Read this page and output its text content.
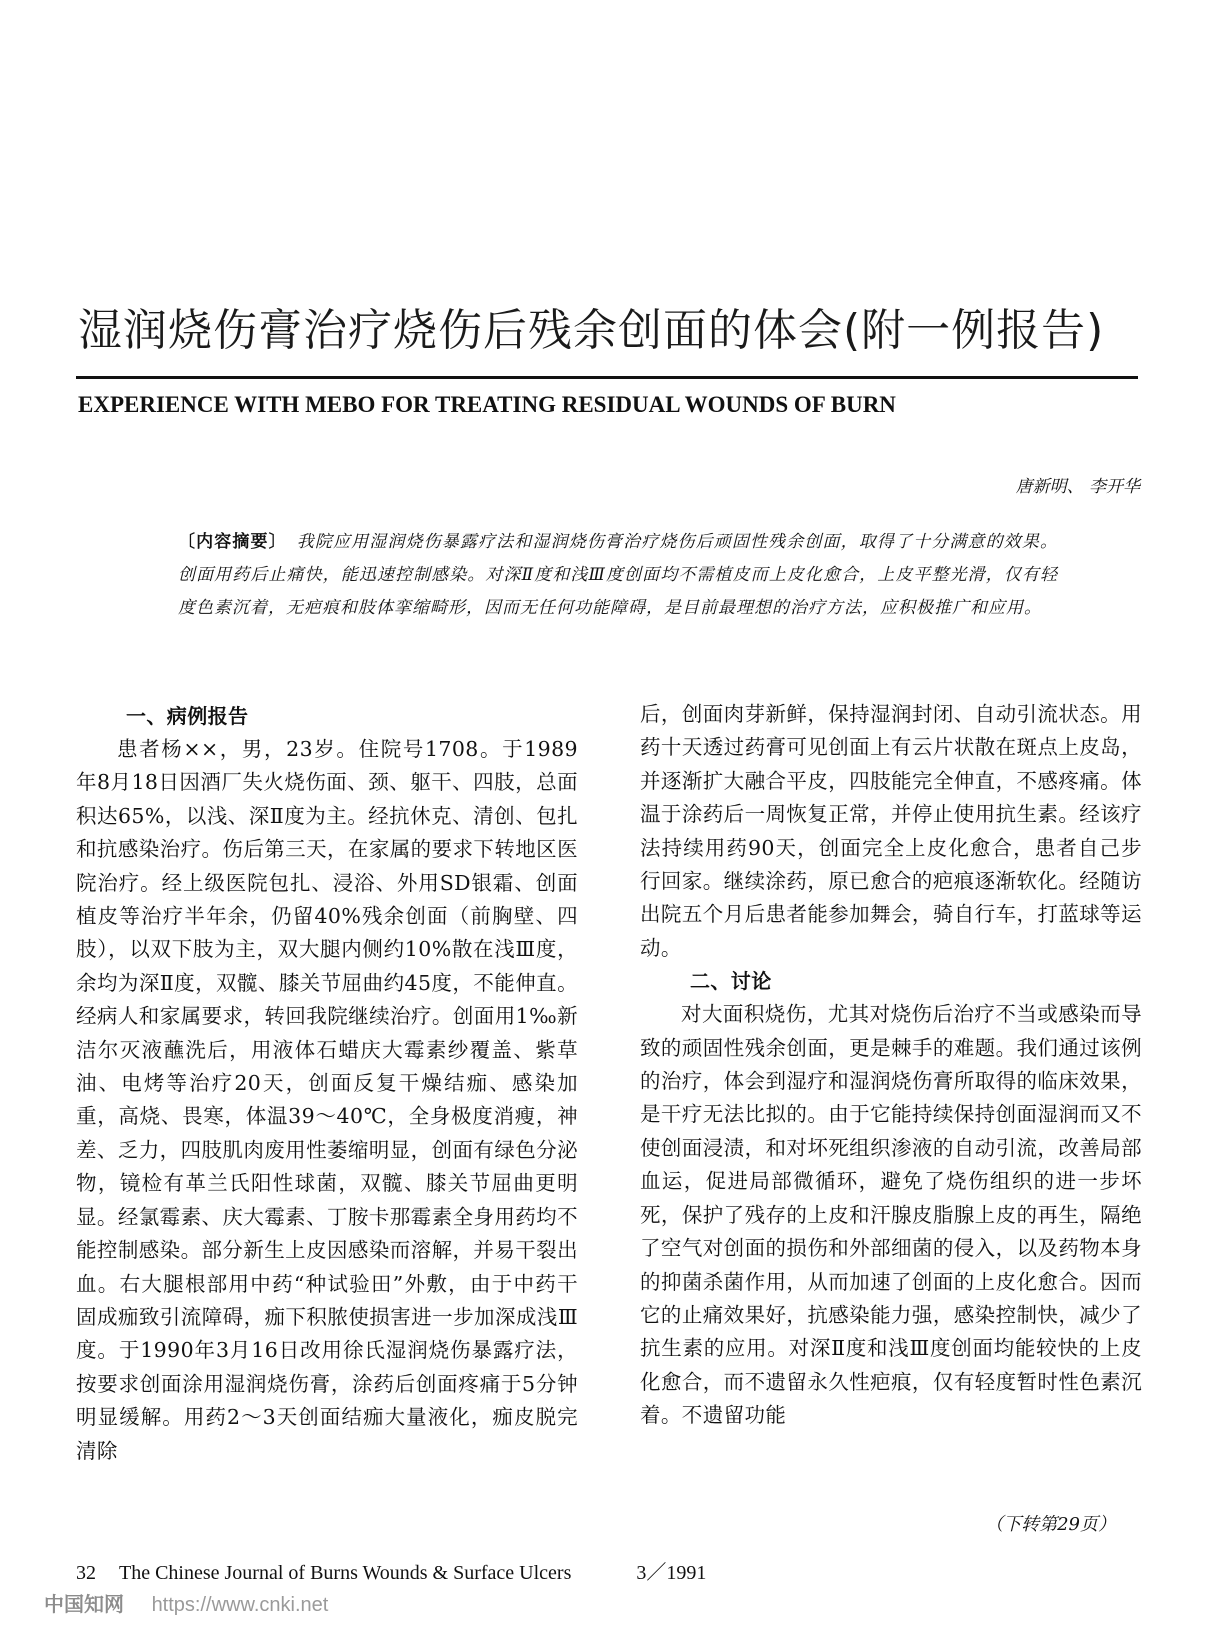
湿润烧伤膏治疗烧伤后残余创面的体会(附一例报告)
EXPERIENCE WITH MEBO FOR TREATING RESIDUAL WOUNDS OF BURN
唐新明、 李开华
〔内容摘要〕 我院应用湿润烧伤暴露疗法和湿润烧伤膏治疗烧伤后顽固性残余创面，取得了十分满意的效果。创面用药后止痛快，能迅速控制感染。对深Ⅱ度和浅Ⅲ度创面均不需植皮而上皮化愈合，上皮平整光滑，仅有轻度色素沉着，无疤痕和肢体挛缩畸形，因而无任何功能障碍，是目前最理想的治疗方法，应积极推广和应用。
一、病例报告

患者杨××，男，23岁。住院号1708。于1989年8月18日因酒厂失火烧伤面、颈、躯干、四肢，总面积达65%，以浅、深Ⅱ度为主。经抗休克、清创、包扎和抗感染治疗。伤后第三天，在家属的要求下转地区医院治疗。经上级医院包扎、浸浴、外用SD银霜、创面植皮等治疗半年余，仍留40%残余创面（前胸壁、四肢），以双下肢为主，双大腿内侧约10%散在浅Ⅲ度，余均为深Ⅱ度，双髋、膝关节屈曲约45度，不能伸直。经病人和家属要求，转回我院继续治疗。创面用1‰新洁尔灭液蘸洗后，用液体石蜡庆大霉素纱覆盖、紫草油、电烤等治疗20天，创面反复干燥结痂、感染加重，高烧、畏寒，体温39～40℃，全身极度消瘦，神差、乏力，四肢肌肉废用性萎缩明显，创面有绿色分泌物，镜检有革兰氏阳性球菌，双髋、膝关节屈曲更明显。经氯霉素、庆大霉素、丁胺卡那霉素全身用药均不能控制感染。部分新生上皮因感染而溶解，并易干裂出血。右大腿根部用中药“种试验田”外敷，由于中药干固成痂致引流障碍，痂下积脓使损害进一步加深成浅Ⅲ度。于1990年3月16日改用徐氏湿润烧伤暴露疗法，按要求创面涂用湿润烧伤膏，涂药后创面疼痛于5分钟明显缓解。用药2～3天创面结痂大量液化，痂皮脱完清除

后，创面肉芽新鲜，保持湿润封闭、自动引流状态。用药十天透过药膏可见创面上有云片状散在斑点上皮岛，并逐渐扩大融合平皮，四肢能完全伸直，不感疼痛。体温于涂药后一周恢复正常，并停止使用抗生素。经该疗法持续用药90天，创面完全上皮化愈合，患者自己步行回家。继续涂药，原已愈合的疤痕逐渐软化。经随访出院五个月后患者能参加舞会，骑自行车，打蓝球等运动。

二、讨论

对大面积烧伤，尤其对烧伤后治疗不当或感染而导致的顽固性残余创面，更是棘手的难题。我们通过该例的治疗，体会到湿疗和湿润烧伤膏所取得的临床效果，是干疗无法比拟的。由于它能持续保持创面湿润而又不使创面浸渍，和对坏死组织渗液的自动引流，改善局部血运，促进局部微循环，避免了烧伤组织的进一步坏死，保护了残存的上皮和汗腺皮脂腺上皮的再生，隔绝了空气对创面的损伤和外部细菌的侵入，以及药物本身的抑菌杀菌作用，从而加速了创面的上皮化愈合。因而它的止痛效果好，抗感染能力强，感染控制快，减少了抗生素的应用。对深Ⅱ度和浅Ⅲ度创面均能较快的上皮化愈合，而不遗留永久性疤痕，仅有轻度暂时性色素沉着。不遗留功能

（下转第29页）
32 The Chinese Journal of Burns Wounds & Surface Ulcers	3／1991
中国知网 https://www.cnki.net
